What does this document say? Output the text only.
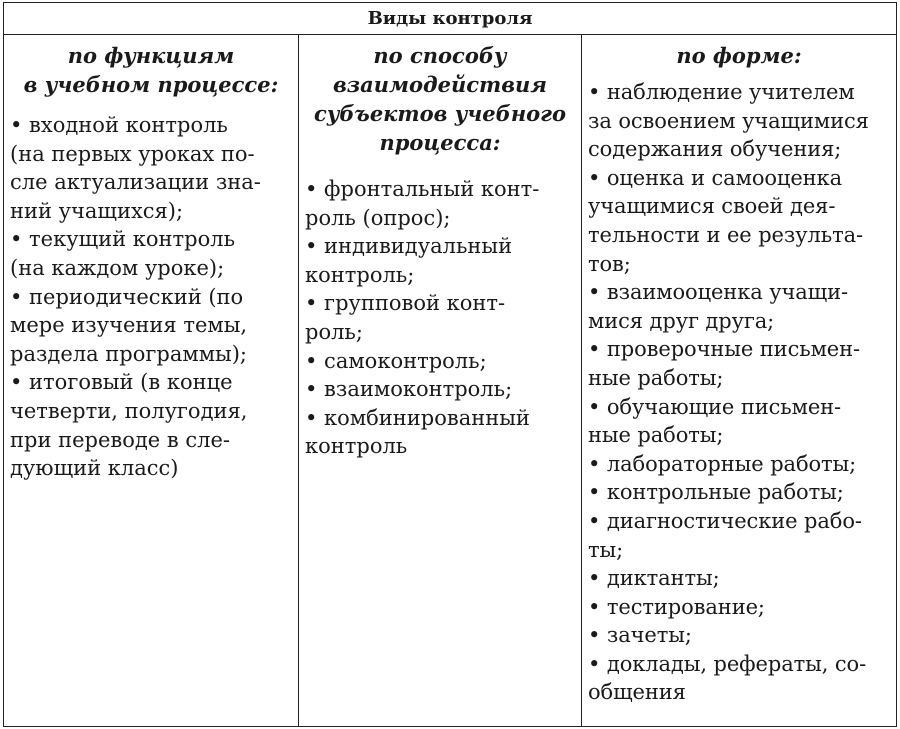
Виды контроля
по функциям
в учебном процессе:
• входной контроль
(на первых уроках по-
сле актуализации зна-
ний учащихся);
• текущий контроль
(на каждом уроке);
• периодический (по
мере изучения темы,
раздела программы);
• итоговый (в конце
четверти, полугодия,
при переводе в сле-
дующий класс)
по способу
взаимодействия
субъектов учебного
процесса:
• фронтальный конт-
роль (опрос);
• индивидуальный
контроль;
• групповой конт-
роль;
• самоконтроль;
• взаимоконтроль;
• комбинированный
контроль
по форме:
• наблюдение учителем
за освоением учащимися
содержания обучения;
• оценка и самооценка
учащимися своей дея-
тельности и ее результа-
тов;
• взаимооценка учащи-
мися друг друга;
• проверочные письмен-
ные работы;
• обучающие письмен-
ные работы;
• лабораторные работы;
• контрольные работы;
• диагностические рабо-
ты;
• диктанты;
• тестирование;
• зачеты;
• доклады, рефераты, со-
общения
